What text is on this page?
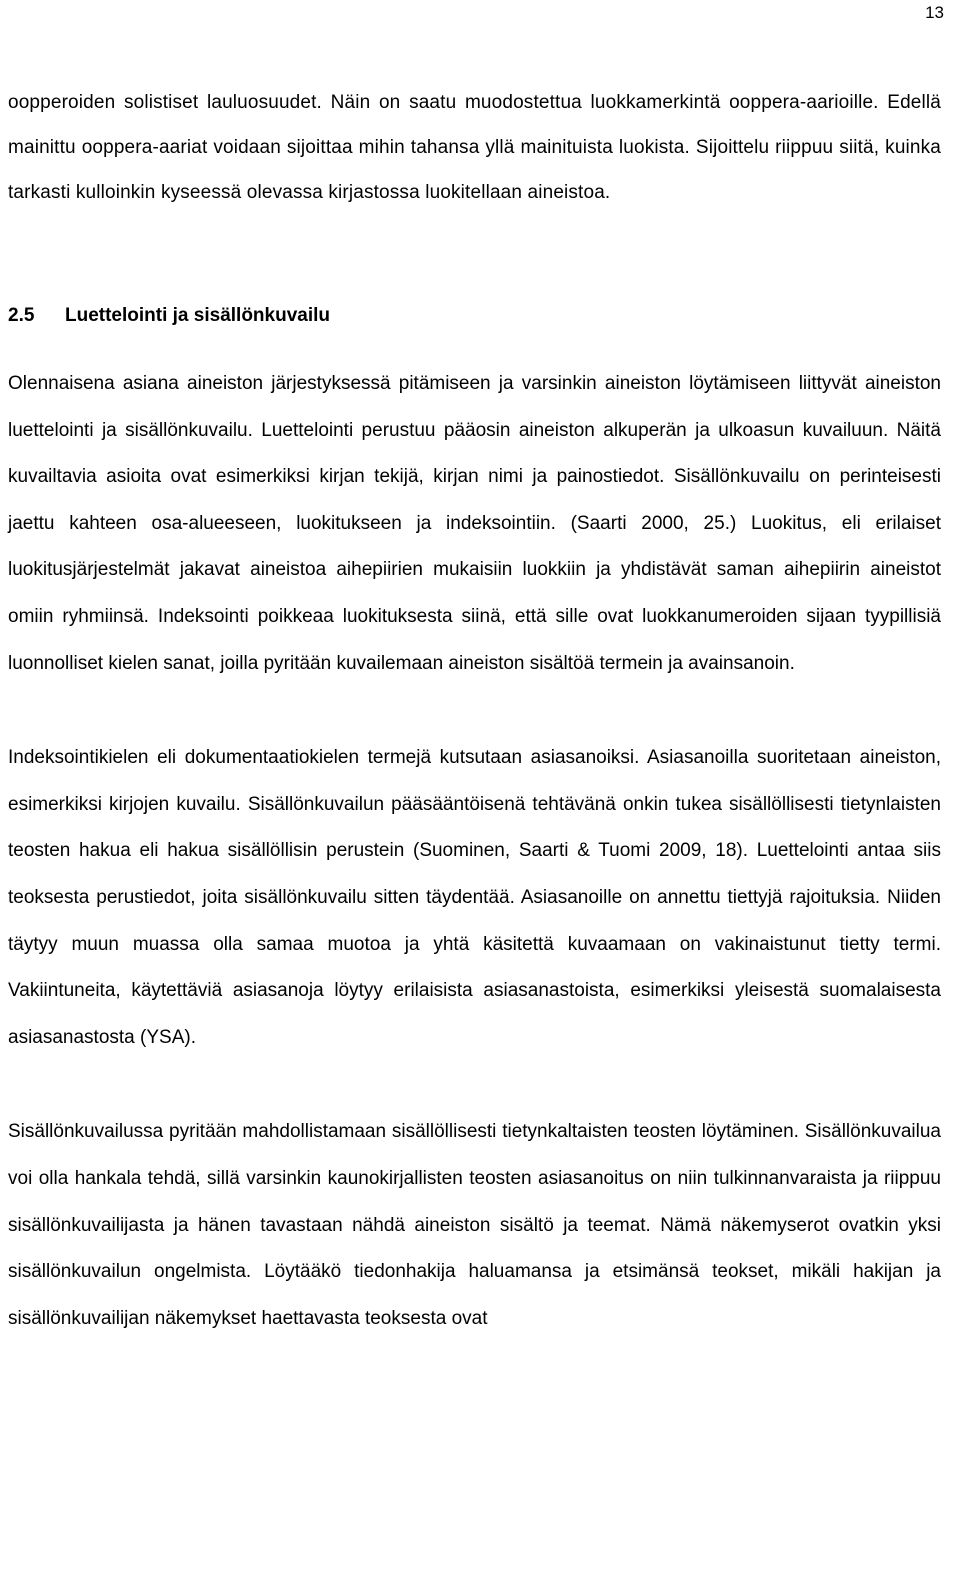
13

oopperoiden solistiset lauluosuudet. Näin on saatu muodostettua luokkamerkintä ooppera-aarioille. Edellä mainittu ooppera-aariat voidaan sijoittaa mihin tahansa yllä mainituista luokista. Sijoittelu riippuu siitä, kuinka tarkasti kulloinkin kyseessä olevassa kirjastossa luokitellaan aineistoa.

2.5 Luettelointi ja sisällönkuvailu

Olennaisena asiana aineiston järjestyksessä pitämiseen ja varsinkin aineiston löytämiseen liittyvät aineiston luettelointi ja sisällönkuvailu. Luettelointi perustuu pääosin aineiston alkuperän ja ulkoasun kuvailuun. Näitä kuvailtavia asioita ovat esimerkiksi kirjan tekijä, kirjan nimi ja painostiedot. Sisällönkuvailu on perinteisesti jaettu kahteen osa-alueeseen, luokitukseen ja indeksointiin. (Saarti 2000, 25.) Luokitus, eli erilaiset luokitusjärjestelmät jakavat aineistoa aihepiirien mukaisiin luokkiin ja yhdistävät saman aihepiirin aineistot omiin ryhmiinsä. Indeksointi poikkeaa luokituksesta siinä, että sille ovat luokkanumeroiden sijaan tyypillisiä luonnolliset kielen sanat, joilla pyritään kuvailemaan aineiston sisältöä termein ja avainsanoin.

Indeksointikielen eli dokumentaatiokielen termejä kutsutaan asiasanoiksi. Asiasanoilla suoritetaan aineiston, esimerkiksi kirjojen kuvailu. Sisällönkuvailun pääsääntöisenä tehtävänä onkin tukea sisällöllisesti tietynlaisten teosten hakua eli hakua sisällöllisin perustein (Suominen, Saarti & Tuomi 2009, 18). Luettelointi antaa siis teoksesta perustiedot, joita sisällönkuvailu sitten täydentää. Asiasanoille on annettu tiettyjä rajoituksia. Niiden täytyy muun muassa olla samaa muotoa ja yhtä käsitettä kuvaamaan on vakinaistunut tietty termi. Vakiintuneita, käytettäviä asiasanoja löytyy erilaisista asiasanastoista, esimerkiksi yleisestä suomalaisesta asiasanastosta (YSA).

Sisällönkuvailussa pyritään mahdollistamaan sisällöllisesti tietynkaltaisten teosten löytäminen. Sisällönkuvailua voi olla hankala tehdä, sillä varsinkin kaunokirjallisten teosten asiasanoitus on niin tulkinnanvaraista ja riippuu sisällönkuvailijasta ja hänen tavastaan nähdä aineiston sisältö ja teemat. Nämä näkemyserot ovatkin yksi sisällönkuvailun ongelmista. Löytääkö tiedonhakija haluamansa ja etsimänsä teokset, mikäli hakijan ja sisällönkuvailijan näkemykset haettavasta teoksesta ovat
